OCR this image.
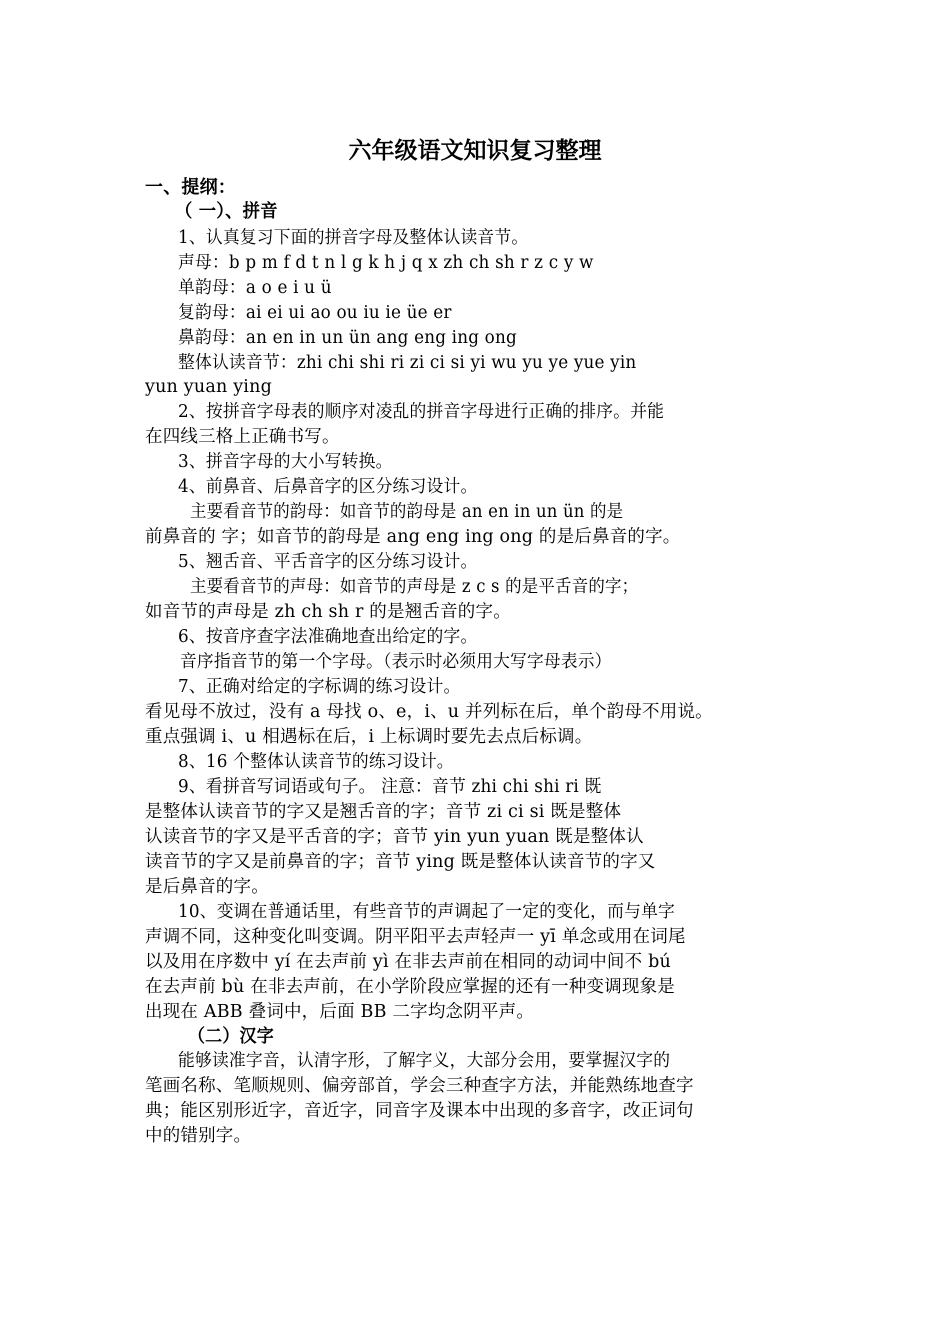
六年级语文知识复习整理
一、提纲：
（ 一）、拼音
1、认真复习下面的拼音字母及整体认读音节。
声母：b p m f d t n l g k h j q x zh ch sh r z c y w
单韵母：a o e i u ü
复韵母：ai ei ui ao ou iu ie üe er
鼻韵母：an en in un ün ang eng ing ong
整体认读音节：zhi chi shi ri zi ci si yi wu yu ye yue yin
yun yuan ying
2、按拼音字母表的顺序对凌乱的拼音字母进行正确的排序。并能
在四线三格上正确书写。
3、拼音字母的大小写转换。
4、前鼻音、后鼻音字的区分练习设计。
主要看音节的韵母：如音节的韵母是 an en in un ün 的是
前鼻音的 字；如音节的韵母是 ang eng ing ong 的是后鼻音的字。
5、翘舌音、平舌音字的区分练习设计。
主要看音节的声母：如音节的声母是 z c s 的是平舌音的字；
如音节的声母是 zh ch sh r 的是翘舌音的字。
6、按音序查字法准确地查出给定的字。
音序指音节的第一个字母。（表示时必须用大写字母表示）
7、正确对给定的字标调的练习设计。
看见母不放过，没有 a 母找 o、e，i、u 并列标在后，单个韵母不用说。
重点强调 i、u 相遇标在后，i 上标调时要先去点后标调。
8、16 个整体认读音节的练习设计。
9、看拼音写词语或句子。 注意：音节 zhi chi shi ri 既
是整体认读音节的字又是翘舌音的字；音节 zi ci si 既是整体
认读音节的字又是平舌音的字；音节 yin yun yuan 既是整体认
读音节的字又是前鼻音的字；音节 ying 既是整体认读音节的字又
是后鼻音的字。
10、变调在普通话里，有些音节的声调起了一定的变化，而与单字
声调不同，这种变化叫变调。阴平阳平去声轻声一 yī 单念或用在词尾
以及用在序数中 yí 在去声前 yì 在非去声前在相同的动词中间不 bú
在去声前 bù 在非去声前，在小学阶段应掌握的还有一种变调现象是
出现在 ABB 叠词中，后面 BB 二字均念阴平声。
（二）汉字
能够读准字音，认清字形，了解字义，大部分会用，要掌握汉字的
笔画名称、笔顺规则、偏旁部首，学会三种查字方法，并能熟练地查字
典；能区别形近字，音近字，同音字及课本中出现的多音字，改正词句
中的错别字。
